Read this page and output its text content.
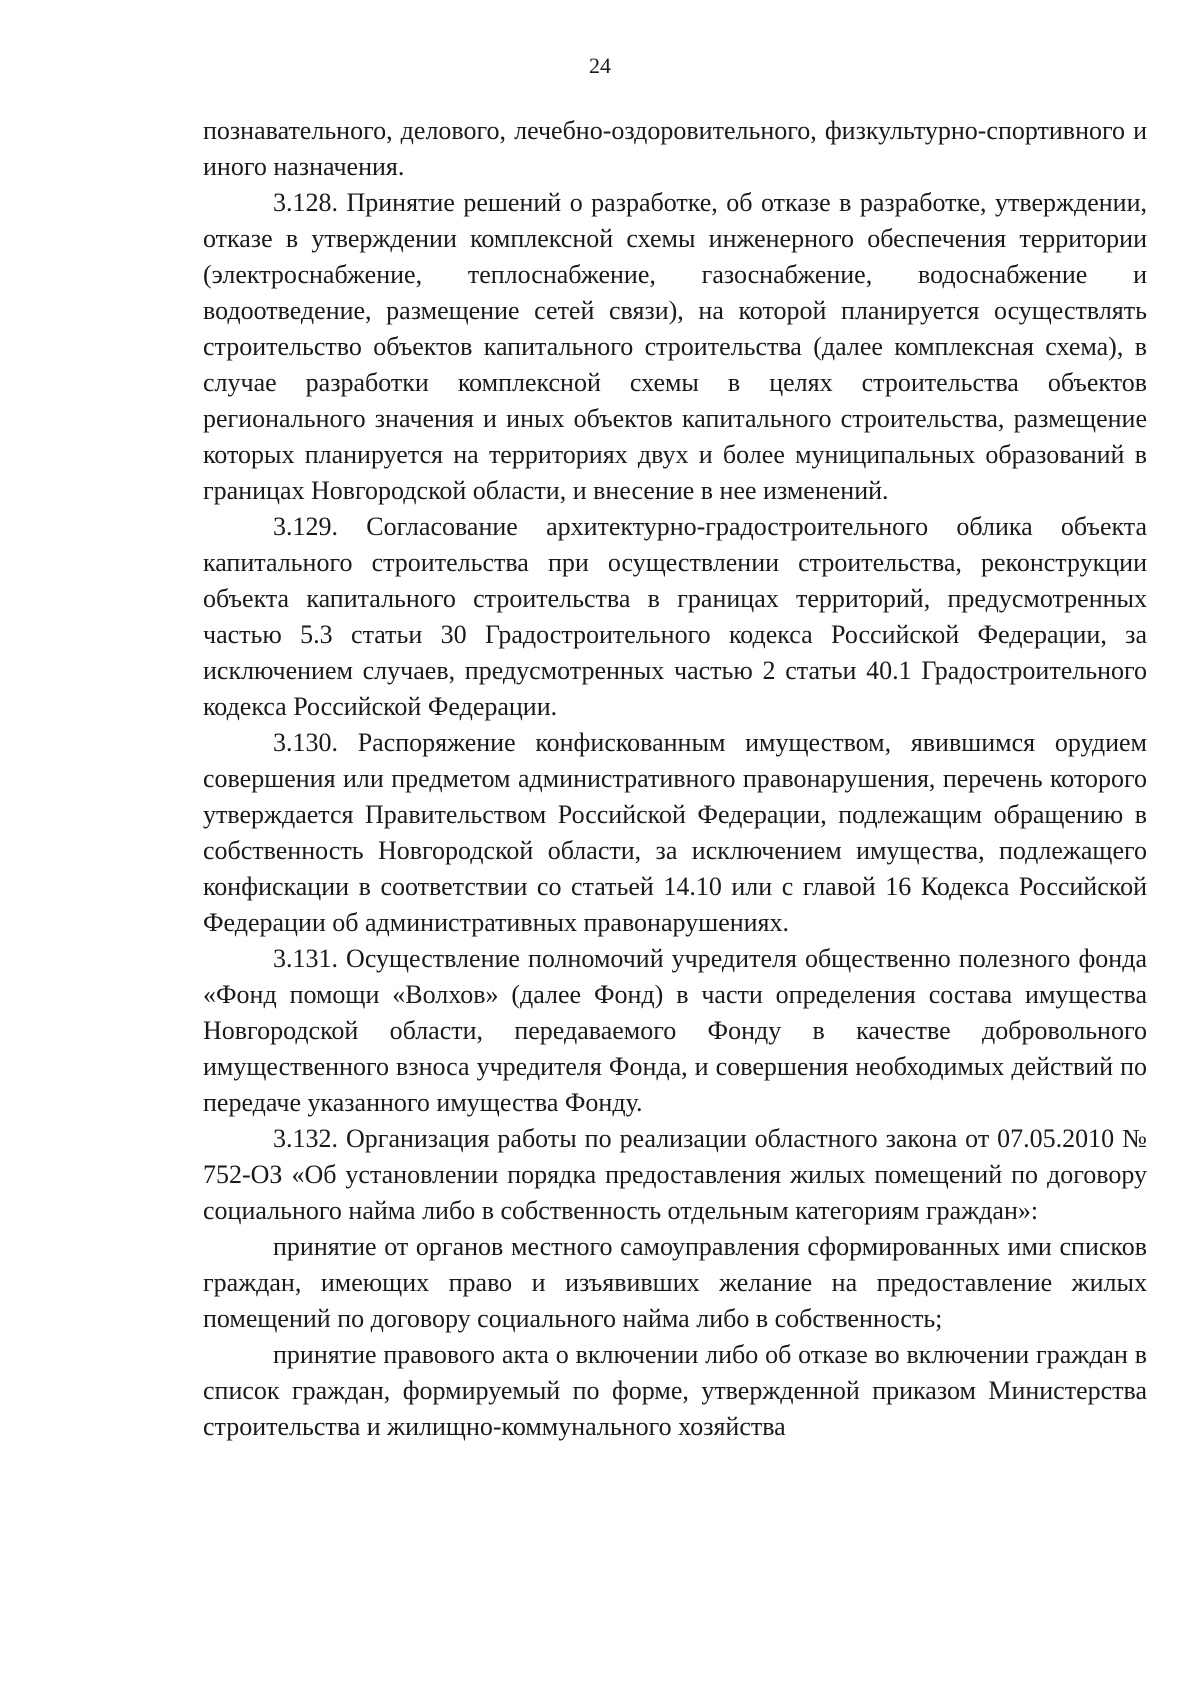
24

познавательного, делового, лечебно-оздоровительного, физкультурно-спортивного и иного назначения.

3.128. Принятие решений о разработке, об отказе в разработке, утверждении, отказе в утверждении комплексной схемы инженерного обеспечения территории (электроснабжение, теплоснабжение, газоснабжение, водоснабжение и водоотведение, размещение сетей связи), на которой планируется осуществлять строительство объектов капитального строительства (далее комплексная схема), в случае разработки комплексной схемы в целях строительства объектов регионального значения и иных объектов капитального строительства, размещение которых планируется на территориях двух и более муниципальных образований в границах Новгородской области, и внесение в нее изменений.

3.129. Согласование архитектурно-градостроительного облика объекта капитального строительства при осуществлении строительства, реконструкции объекта капитального строительства в границах территорий, предусмотренных частью 5.3 статьи 30 Градостроительного кодекса Российской Федерации, за исключением случаев, предусмотренных частью 2 статьи 40.1 Градостроительного кодекса Российской Федерации.

3.130. Распоряжение конфискованным имуществом, явившимся орудием совершения или предметом административного правонарушения, перечень которого утверждается Правительством Российской Федерации, подлежащим обращению в собственность Новгородской области, за исключением имущества, подлежащего конфискации в соответствии со статьей 14.10 или с главой 16 Кодекса Российской Федерации об административных правонарушениях.

3.131. Осуществление полномочий учредителя общественно полезного фонда «Фонд помощи «Волхов» (далее Фонд) в части определения состава имущества Новгородской области, передаваемого Фонду в качестве добровольного имущественного взноса учредителя Фонда, и совершения необходимых действий по передаче указанного имущества Фонду.

3.132. Организация работы по реализации областного закона от 07.05.2010 № 752-ОЗ «Об установлении порядка предоставления жилых помещений по договору социального найма либо в собственность отдельным категориям граждан»:

принятие от органов местного самоуправления сформированных ими списков граждан, имеющих право и изъявивших желание на предоставление жилых помещений по договору социального найма либо в собственность;

принятие правового акта о включении либо об отказе во включении граждан в список граждан, формируемый по форме, утвержденной приказом Министерства строительства и жилищно-коммунального хозяйства
